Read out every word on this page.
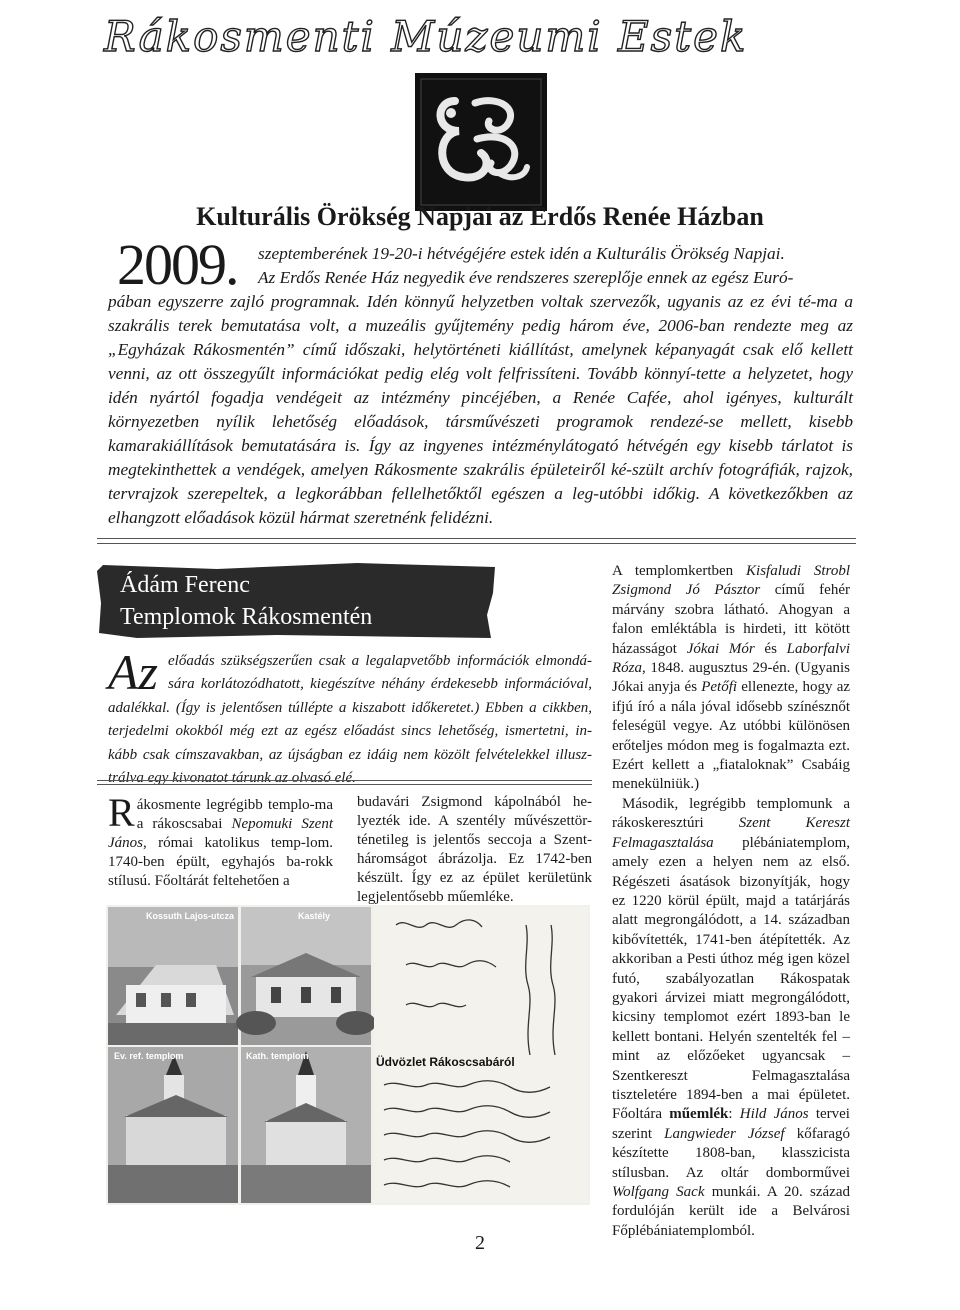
Rákosmenti Múzeumi Estek
Kulturális Örökség Napjai az Erdős Renée Házban
2009. szeptemberének 19-20-i hétvégéjére estek idén a Kulturális Örökség Napjai.
Az Erdős Renée Ház negyedik éve rendszeres szereplője ennek az egész Euró-
pában egyszerre zajló programnak. Idén könnyű helyzetben voltak szervezők, ugyanis az ez évi té-ma a szakrális terek bemutatása volt, a muzeális gyűjtemény pedig három éve, 2006-ban rendezte meg az „Egyházak Rákosmentén” című időszaki, helytörténeti kiállítást, amelynek képanyagát csak elő kellett venni, az ott összegyűlt információkat pedig elég volt felfrissíteni. Tovább könnyí-tette a helyzetet, hogy idén nyártól fogadja vendégeit az intézmény pincéjében, a Renée Cafée, ahol igényes, kulturált környezetben nyílik lehetőség előadások, társművészeti programok rendezé-se mellett, kisebb kamarakiállítások bemutatására is. Így az ingyenes intézménylátogató hétvégén egy kisebb tárlatot is megtekinthettek a vendégek, amelyen Rákosmente szakrális épületeiről ké-szült archív fotográfiák, rajzok, tervrajzok szerepeltek, a legkorábban fellelhetőktől egészen a leg-utóbbi időkig. A következőkben az elhangzott előadások közül hármat szeretnénk felidézni.
Ádám Ferenc
Templomok Rákosmentén
Az előadás szükségszerűen csak a legalapvetőbb információk elmondá-sára korlátozódhatott, kiegészítve néhány érdekesebb információval, adalékkal. (Így is jelentősen túllépte a kiszabott időkeretet.) Ebben a cikkben, terjedelmi okokból még ezt az egész előadást sincs lehetőség, ismertetni, in-kább csak címszavakban, az újságban ez idáig nem közölt felvételekkel illusz-trálva egy kivonatot tárunk az olvasó elé.
Rákosmente legrégibb templo-ma a rákoscsabai Nepomuki Szent János, római katolikus temp-lom. 1740-ben épült, egyhajós ba-rokk stílusú. Főoltárát feltehetően a
budavári Zsigmond kápolnából he-lyezték ide. A szentély művészettör-ténetileg is jelentős seccoja a Szent-háromságot ábrázolja. Ez 1742-ben készült. Így ez az épület kerületünk legjelentősebb műemléke.

A templomkertben Kisfaludi Strobl Zsigmond Jó Pásztor című fehér márvány szobra látható. Ahogyan a falon emléktábla is hirdeti, itt kötött házasságot Jókai Mór és Laborfalvi Róza, 1848. augusztus 29-én. (Ugyanis Jókai anyja és Petőfi ellenezte, hogy az ifjú író a nála jóval idősebb színésznőt feleségül vegye. Az utóbbi különösen erőteljes módon meg is fogalmazta ezt. Ezért kellett a „fiataloknak” Csabáig menekülniük.)

Második, legrégibb templomunk a rákoskeresztúri Szent Kereszt Felmagasztalása plébániatemplom, amely ezen a helyen nem az első. Régészeti ásatások bizonyítják, hogy ez 1220 körül épült, majd a tatárjárás alatt megrongálódott, a 14. században kibővítették, 1741-ben átépítették. Az akkoriban a Pesti úthoz még igen közel futó, szabályozatlan Rákospatak gyakori árvizei miatt megrongálódott, kicsiny templomot ezért 1893-ban le kellett bontani. Helyén szentelték fel – mint az előzőeket ugyancsak – Szentkereszt Felmagasztalása tiszteletére 1894-ben a mai épületet. Főoltára műemlék: Hild János tervei szerint Langwieder József kőfaragó készítette 1808-ban, klasszicista stílusban. Az oltár domborművei Wolfgang Sack munkái. A 20. század fordulóján került ide a Belvárosi Főplébániatemplomból.

Kossuth Lajos-utcza	Kastély
Ev. ref. templom	Kath. templom	Üdvözlet Rákoscsabáról
2
